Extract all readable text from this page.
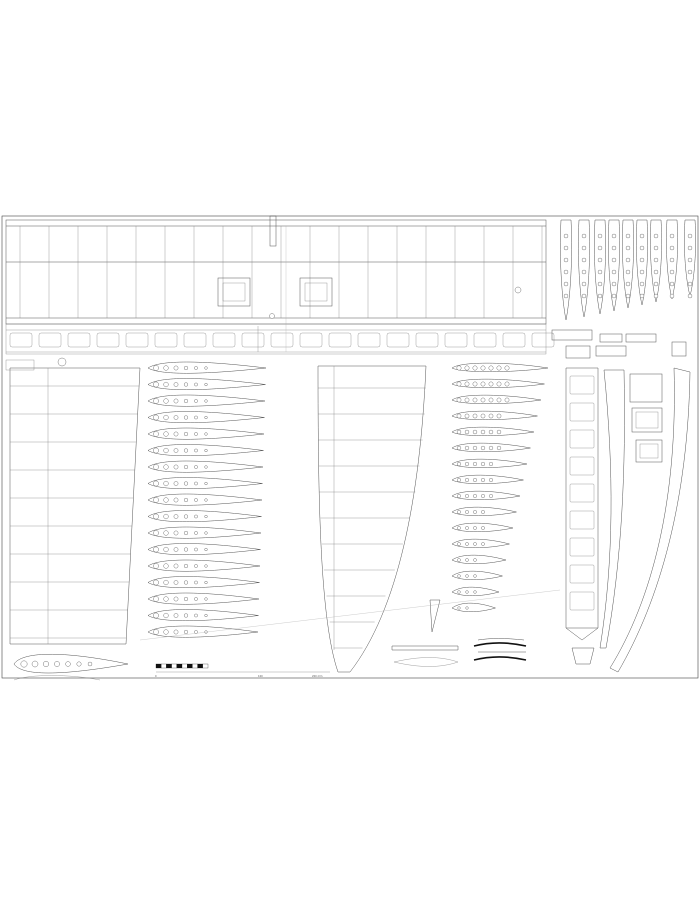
0	100	200 mm
